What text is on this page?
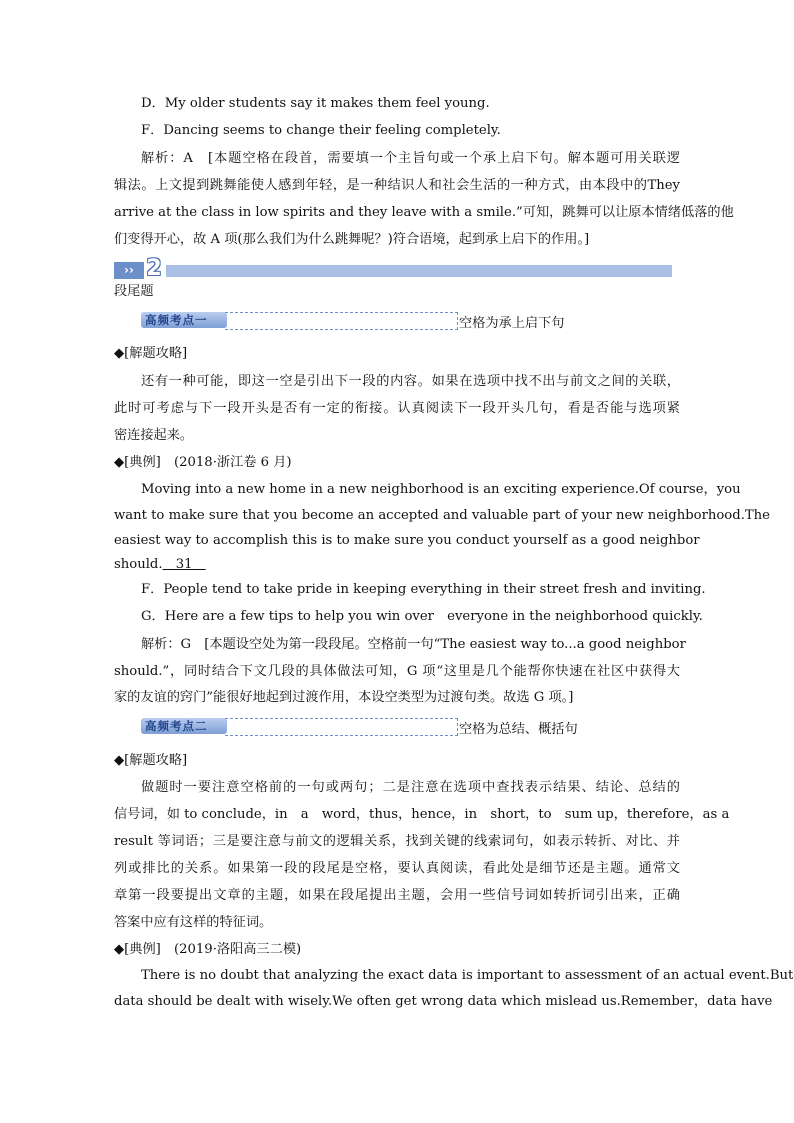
D．My older students say it makes them feel young.
F．Dancing seems to change their feeling completely.
解析：A　[本题空格在段首，需要填一个主旨句或一个承上启下句。解本题可用关联逻
辑法。上文提到跳舞能使人感到年轻，是一种结识人和社会生活的一种方式，由本段中的They
arrive at the class in low spirits and they leave with a smile.”可知，跳舞可以让原本情绪低落的他
们变得开心，故 A 项(那么我们为什么跳舞呢？)符合语境，起到承上启下的作用。]
›› 2
段尾题
高频考点一	空格为承上启下句
◆[解题攻略]
还有一种可能，即这一空是引出下一段的内容。如果在选项中找不出与前文之间的关联，
此时可考虑与下一段开头是否有一定的衔接。认真阅读下一段开头几句，看是否能与选项紧
密连接起来。
◆[典例]　(2018·浙江卷 6 月)
Moving into a new home in a new neighborhood is an exciting experience.Of course，you
want to make sure that you become an accepted and valuable part of your new neighborhood.The
easiest way to accomplish this is to make sure you conduct yourself as a good neighbor
should.　31　
F．People tend to take pride in keeping everything in their street fresh and inviting.
G．Here are a few tips to help you win over　everyone in the neighborhood quickly.
解析：G　[本题设空处为第一段段尾。空格前一句“The easiest way to...a good neighbor
should.”，同时结合下文几段的具体做法可知，G 项“这里是几个能帮你快速在社区中获得大
家的友谊的窍门”能很好地起到过渡作用，本设空类型为过渡句类。故选 G 项。]
高频考点二	空格为总结、概括句
◆[解题攻略]
做题时一要注意空格前的一句或两句；二是注意在选项中查找表示结果、结论、总结的
信号词，如 to conclude，in　a　word，thus，hence，in　short，to　sum up，therefore，as a
result 等词语；三是要注意与前文的逻辑关系，找到关键的线索词句，如表示转折、对比、并
列或排比的关系。如果第一段的段尾是空格，要认真阅读，看此处是细节还是主题。通常文
章第一段要提出文章的主题，如果在段尾提出主题，会用一些信号词如转折词引出来，正确
答案中应有这样的特征词。
◆[典例]　(2019·洛阳高三二模)
There is no doubt that analyzing the exact data is important to assessment of an actual event.But
data should be dealt with wisely.We often get wrong data which mislead us.Remember，data have
